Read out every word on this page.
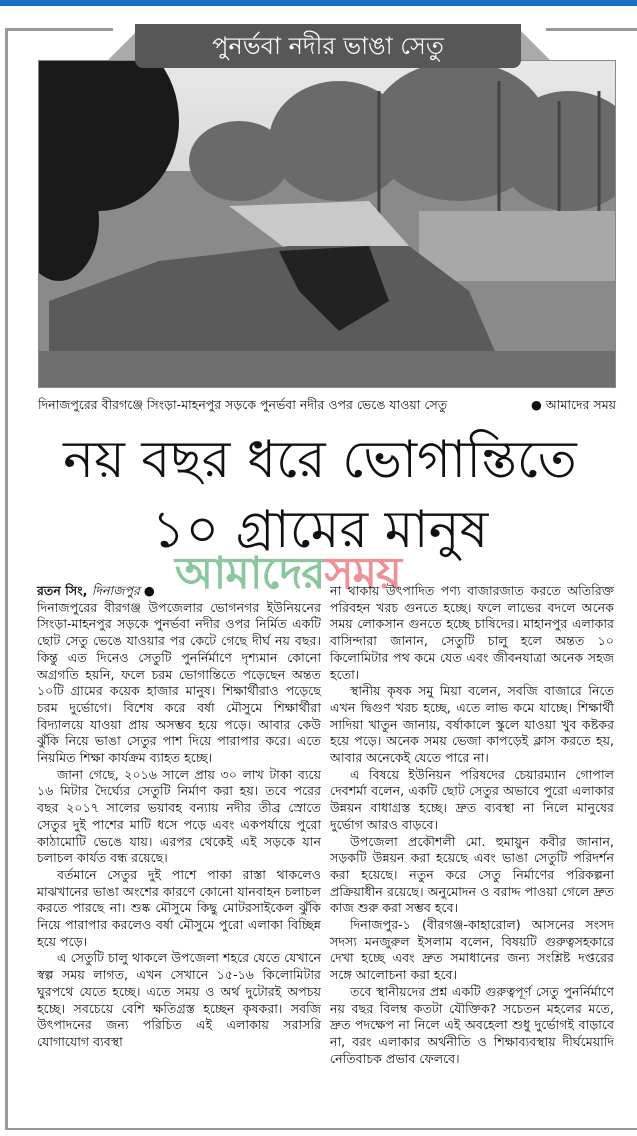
পুনর্ভবা নদীর ভাঙা সেতু
দিনাজপুরের বীরগঞ্জে সিংড়া-মাহনপুর সড়কে পুনর্ভবা নদীর ওপর ভেঙে যাওয়া সেতু	● আমাদের সময়
নয় বছর ধরে ভোগান্তিতে
১০ গ্রামের মানুষ
আমাদেরসময়
রতন সিং, দিনাজপুর ●

দিনাজপুরের বীরগঞ্জ উপজেলার ভোগনগর ইউনিয়নের সিংড়া-মাহনপুর সড়কে পুনর্ভবা নদীর ওপর নির্মিত একটি ছোট সেতু ভেঙে যাওয়ার পর কেটে গেছে দীর্ঘ নয় বছর। কিন্তু এত দিনেও সেতুটি পুনর্নির্মাণে দৃশ্যমান কোনো অগ্রগতি হয়নি, ফলে চরম ভোগান্তিতে পড়েছেন অন্তত ১০টি গ্রামের কয়েক হাজার মানুষ। শিক্ষার্থীরাও পড়েছে চরম দুর্ভোগে। বিশেষ করে বর্ষা মৌসুমে শিক্ষার্থীরা বিদ্যালয়ে যাওয়া প্রায় অসম্ভব হয়ে পড়ে। আবার কেউ ঝুঁকি নিয়ে ভাঙা সেতুর পাশ দিয়ে পারাপার করে। এতে নিয়মিত শিক্ষা কার্যক্রম ব্যাহত হচ্ছে।

জানা গেছে, ২০১৬ সালে প্রায় ৩০ লাখ টাকা ব্যয়ে ১৬ মিটার দৈর্ঘ্যের সেতুটি নির্মাণ করা হয়। তবে পরের বছর ২০১৭ সালের ভয়াবহ বন্যায় নদীর তীব্র স্রোতে সেতুর দুই পাশের মাটি ধসে পড়ে এবং একপর্যায়ে পুরো কাঠামোটি ভেঙে যায়। এরপর থেকেই এই সড়কে যান চলাচল কার্যত বন্ধ রয়েছে।

বর্তমানে সেতুর দুই পাশে পাকা রাস্তা থাকলেও মাঝখানের ভাঙা অংশের কারণে কোনো যানবাহন চলাচল করতে পারছে না। শুষ্ক মৌসুমে কিছু মোটরসাইকেল ঝুঁকি নিয়ে পারাপার করলেও বর্ষা মৌসুমে পুরো এলাকা বিচ্ছিন্ন হয়ে পড়ে।

এ সেতুটি চালু থাকলে উপজেলা শহরে যেতে যেখানে স্বল্প সময় লাগত, এখন সেখানে ১৫-১৬ কিলোমিটার ঘুরপথে যেতে হচ্ছে। এতে সময় ও অর্থ দুটোরই অপচয় হচ্ছে। সবচেয়ে বেশি ক্ষতিগ্রস্ত হচ্ছেন কৃষকরা। সবজি উৎপাদনের জন্য পরিচিত এই এলাকায় সরাসরি যোগাযোগ ব্যবস্থা

না থাকায় উৎপাদিত পণ্য বাজারজাত করতে অতিরিক্ত পরিবহন খরচ গুনতে হচ্ছে। ফলে লাভের বদলে অনেক সময় লোকসান গুনতে হচ্ছে চাষিদের। মাহানপুর এলাকার বাসিন্দারা জানান, সেতুটি চালু হলে অন্তত ১০ কিলোমিটার পথ কমে যেত এবং জীবনযাত্রা অনেক সহজ হতো।

স্থানীয় কৃষক সমু মিয়া বলেন, সবজি বাজারে নিতে এখন দ্বিগুণ খরচ হচ্ছে, এতে লাভ কমে যাচ্ছে। শিক্ষার্থী সাদিয়া খাতুন জানায়, বর্ষাকালে স্কুলে যাওয়া খুব কষ্টকর হয়ে পড়ে। অনেক সময় ভেজা কাপড়েই ক্লাস করতে হয়, আবার অনেকেই যেতে পারে না।

এ বিষয়ে ইউনিয়ন পরিষদের চেয়ারম্যান গোপাল দেবশর্মা বলেন, একটি ছোট সেতুর অভাবে পুরো এলাকার উন্নয়ন বাধাগ্রস্ত হচ্ছে। দ্রুত ব্যবস্থা না নিলে মানুষের দুর্ভোগ আরও বাড়বে।

উপজেলা প্রকৌশলী মো. হুমায়ুন কবীর জানান, সড়কটি উন্নয়ন করা হয়েছে এবং ভাঙা সেতুটি পরিদর্শন করা হয়েছে। নতুন করে সেতু নির্মাণের পরিকল্পনা প্রক্রিয়াধীন রয়েছে। অনুমোদন ও বরাদ্দ পাওয়া গেলে দ্রুত কাজ শুরু করা সম্ভব হবে।

দিনাজপুর-১ (বীরগঞ্জ-কাহারোল) আসনের সংসদ সদস্য মনজুরুল ইসলাম বলেন, বিষয়টি গুরুত্বসহকারে দেখা হচ্ছে এবং দ্রুত সমাধানের জন্য সংশ্লিষ্ট দপ্তরের সঙ্গে আলোচনা করা হবে।

তবে স্থানীয়দের প্রশ্ন একটি গুরুত্বপূর্ণ সেতু পুনর্নির্মাণে নয় বছর বিলম্ব কতটা যৌক্তিক? সচেতন মহলের মতে, দ্রুত পদক্ষেপ না নিলে এই অবহেলা শুধু দুর্ভোগই বাড়াবে না, বরং এলাকার অর্থনীতি ও শিক্ষাব্যবস্থায় দীর্ঘমেয়াদি নেতিবাচক প্রভাব ফেলবে।
